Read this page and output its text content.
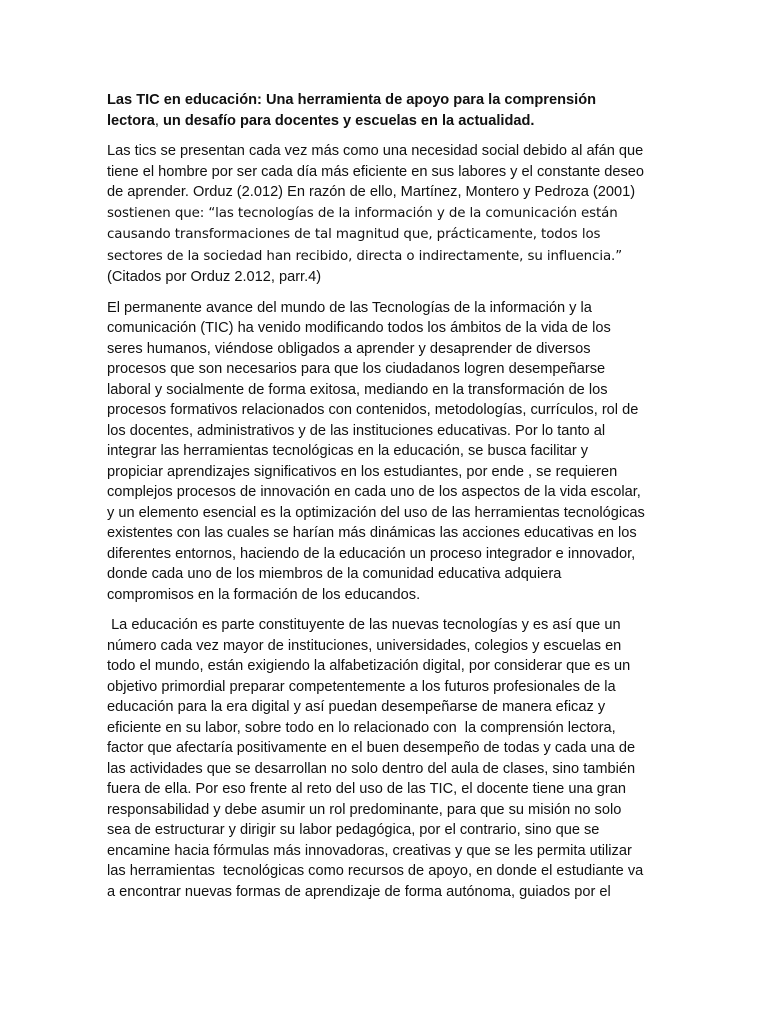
Las TIC en educación: Una herramienta de apoyo para la comprensión lectora, un desafío para docentes y escuelas en la actualidad.

Las tics se presentan cada vez más como una necesidad social debido al afán que tiene el hombre por ser cada día más eficiente en sus labores y el constante deseo de aprender. Orduz (2.012) En razón de ello, Martínez, Montero y Pedroza (2001) sostienen que: “las tecnologías de la información y de la comunicación están causando transformaciones de tal magnitud que, prácticamente, todos los sectores de la sociedad han recibido, directa o indirectamente, su influencia.” (Citados por Orduz 2.012, parr.4)

El permanente avance del mundo de las Tecnologías de la información y la comunicación (TIC) ha venido modificando todos los ámbitos de la vida de los seres humanos, viéndose obligados a aprender y desaprender de diversos procesos que son necesarios para que los ciudadanos logren desempeñarse laboral y socialmente de forma exitosa, mediando en la transformación de los procesos formativos relacionados con contenidos, metodologías, currículos, rol de los docentes, administrativos y de las instituciones educativas. Por lo tanto al integrar las herramientas tecnológicas en la educación, se busca facilitar y propiciar aprendizajes significativos en los estudiantes, por ende , se requieren complejos procesos de innovación en cada uno de los aspectos de la vida escolar, y un elemento esencial es la optimización del uso de las herramientas tecnológicas existentes con las cuales se harían más dinámicas las acciones educativas en los diferentes entornos, haciendo de la educación un proceso integrador e innovador, donde cada uno de los miembros de la comunidad educativa adquiera compromisos en la formación de los educandos.

La educación es parte constituyente de las nuevas tecnologías y es así que un número cada vez mayor de instituciones, universidades, colegios y escuelas en todo el mundo, están exigiendo la alfabetización digital, por considerar que es un objetivo primordial preparar competentemente a los futuros profesionales de la educación para la era digital y así puedan desempeñarse de manera eficaz y eficiente en su labor, sobre todo en lo relacionado con  la comprensión lectora, factor que afectaría positivamente en el buen desempeño de todas y cada una de las actividades que se desarrollan no solo dentro del aula de clases, sino también fuera de ella. Por eso frente al reto del uso de las TIC, el docente tiene una gran responsabilidad y debe asumir un rol predominante, para que su misión no solo sea de estructurar y dirigir su labor pedagógica, por el contrario, sino que se encamine hacia fórmulas más innovadoras, creativas y que se les permita utilizar las herramientas  tecnológicas como recursos de apoyo, en donde el estudiante va a encontrar nuevas formas de aprendizaje de forma autónoma, guiados por el
